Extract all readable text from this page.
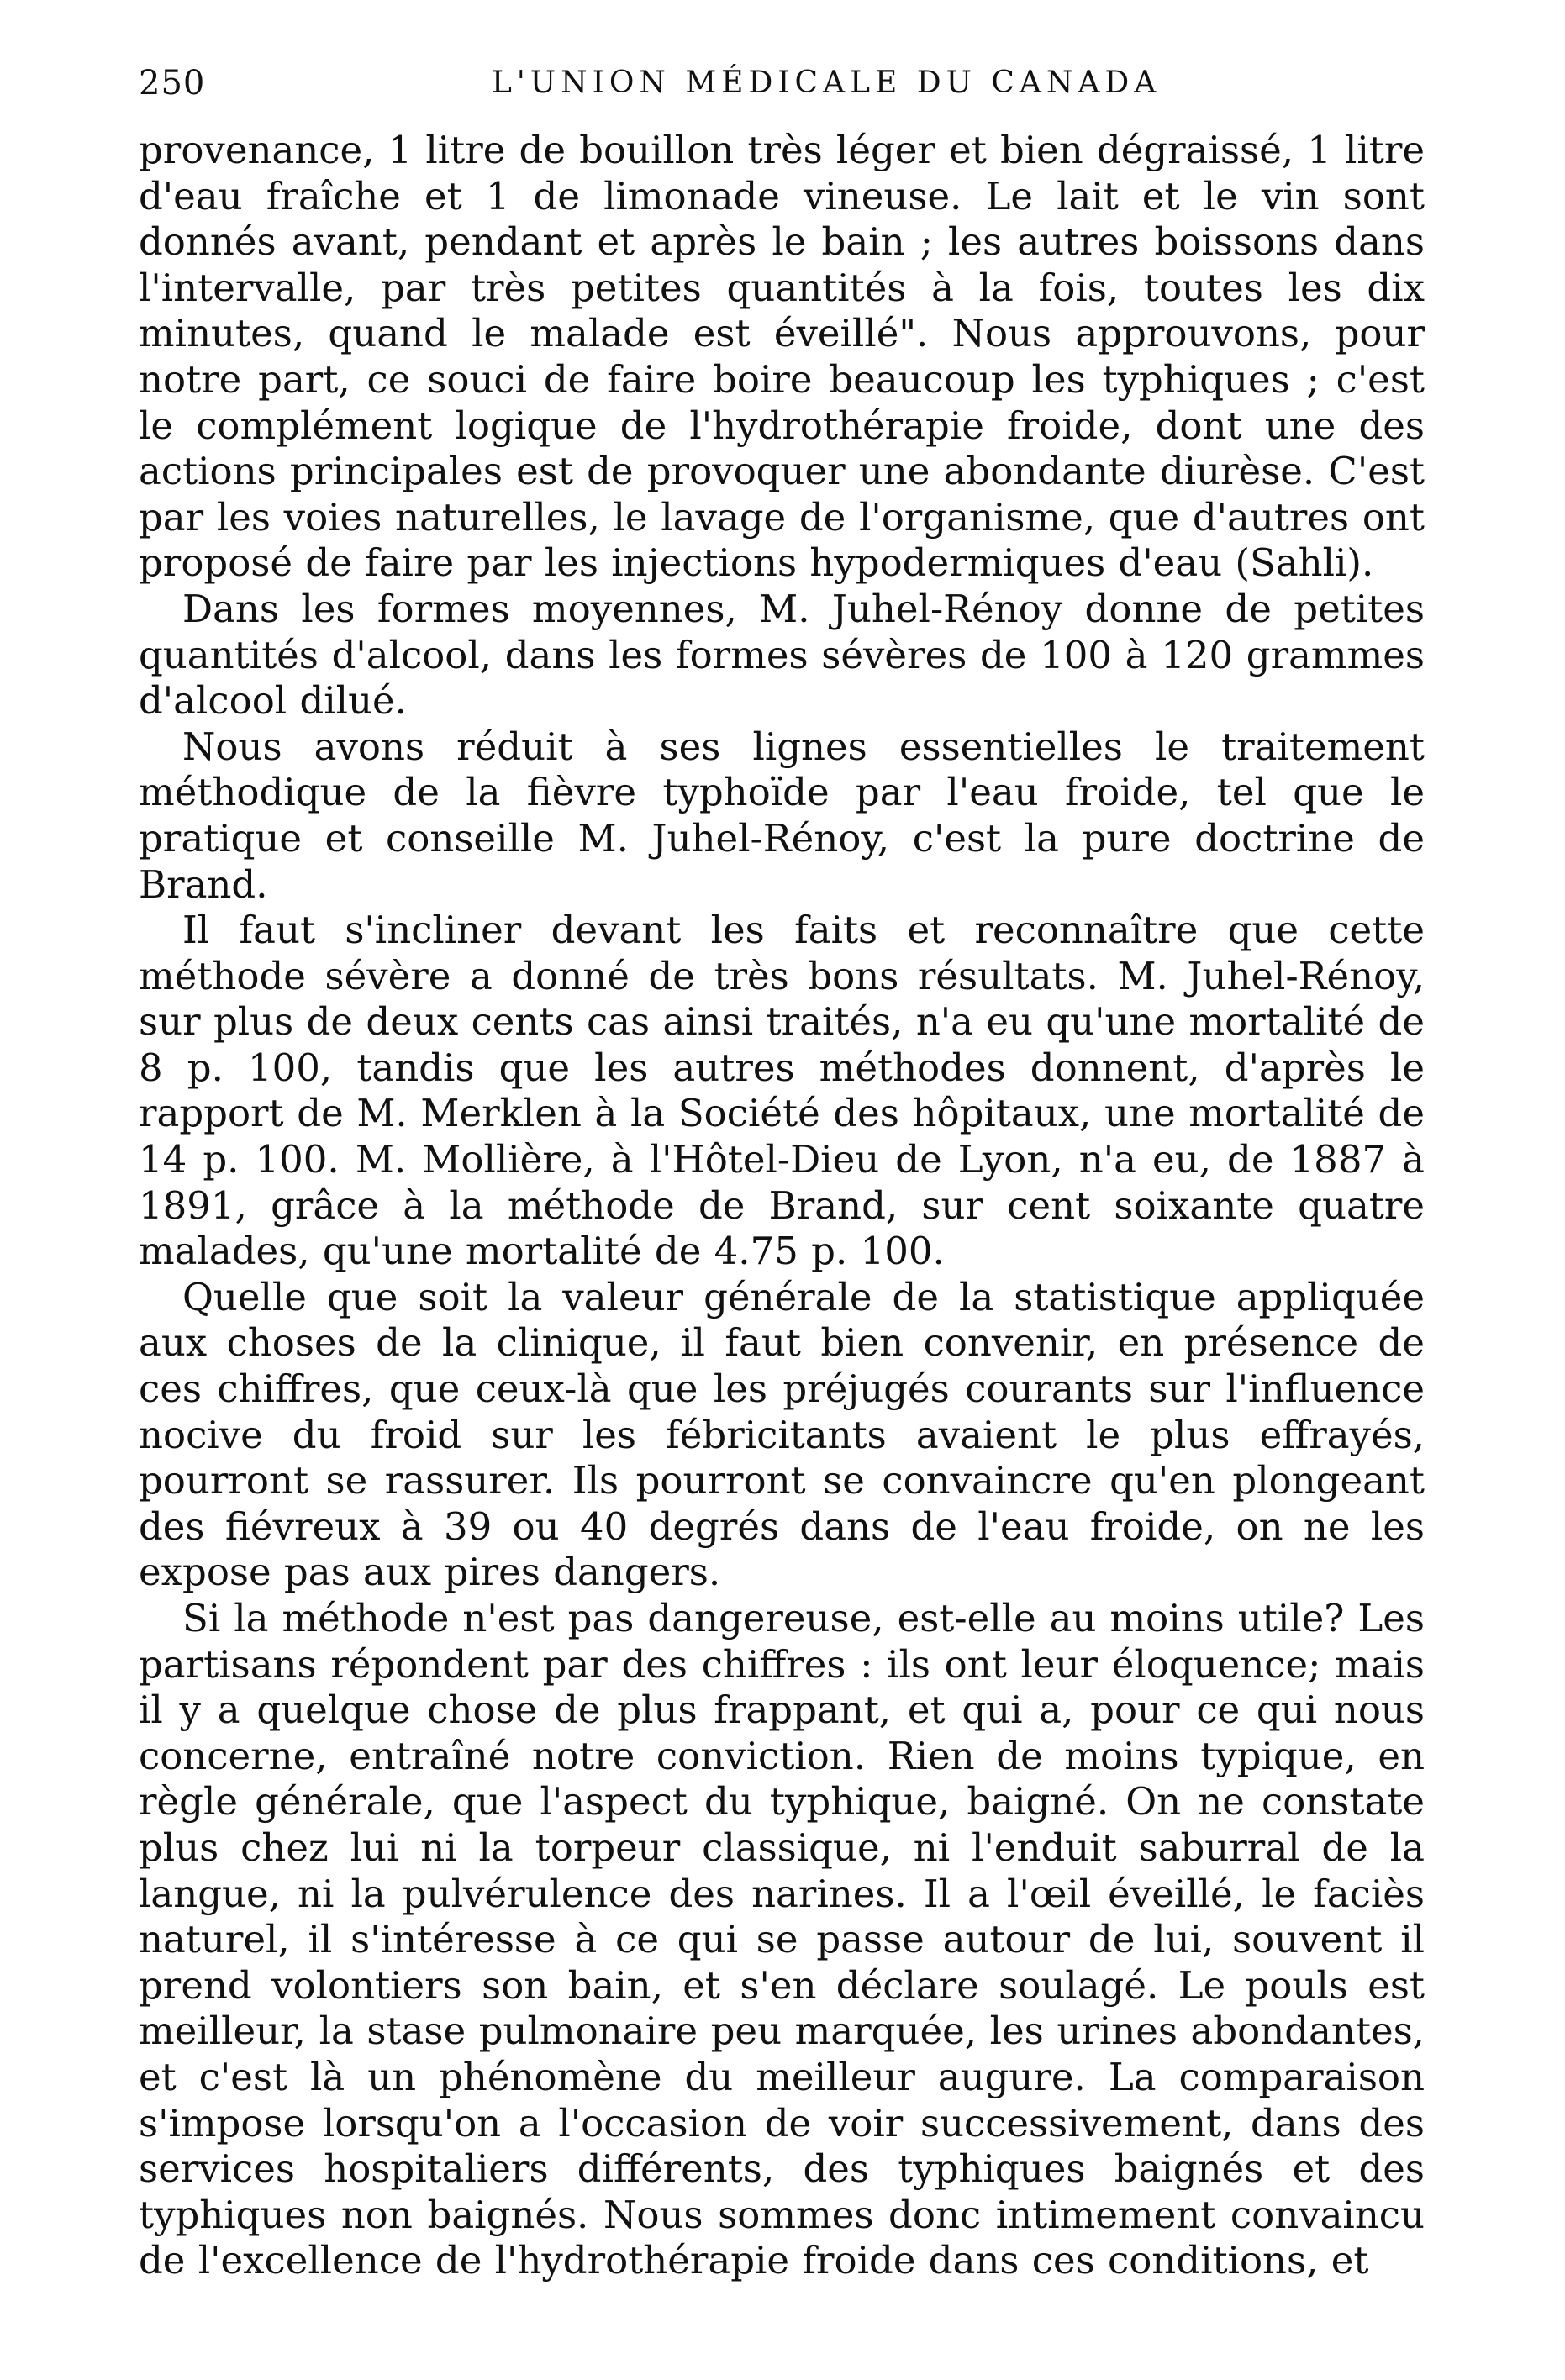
250	L'UNION MÉDICALE DU CANADA

provenance, 1 litre de bouillon très léger et bien dégraissé, 1 litre d'eau fraîche et 1 de limonade vineuse. Le lait et le vin sont donnés avant, pendant et après le bain ; les autres boissons dans l'intervalle, par très petites quantités à la fois, toutes les dix minutes, quand le malade est éveillé". Nous approuvons, pour notre part, ce souci de faire boire beaucoup les typhiques ; c'est le complément logique de l'hydrothérapie froide, dont une des actions principales est de provoquer une abondante diurèse. C'est par les voies naturelles, le lavage de l'organisme, que d'autres ont proposé de faire par les injections hypodermiques d'eau (Sahli).

Dans les formes moyennes, M. Juhel-Rénoy donne de petites quantités d'alcool, dans les formes sévères de 100 à 120 grammes d'alcool dilué.

Nous avons réduit à ses lignes essentielles le traitement méthodique de la fièvre typhoïde par l'eau froide, tel que le pratique et conseille M. Juhel-Rénoy, c'est la pure doctrine de Brand.

Il faut s'incliner devant les faits et reconnaître que cette méthode sévère a donné de très bons résultats. M. Juhel-Rénoy, sur plus de deux cents cas ainsi traités, n'a eu qu'une mortalité de 8 p. 100, tandis que les autres méthodes donnent, d'après le rapport de M. Merklen à la Société des hôpitaux, une mortalité de 14 p. 100. M. Mollière, à l'Hôtel-Dieu de Lyon, n'a eu, de 1887 à 1891, grâce à la méthode de Brand, sur cent soixante quatre malades, qu'une mortalité de 4.75 p. 100.

Quelle que soit la valeur générale de la statistique appliquée aux choses de la clinique, il faut bien convenir, en présence de ces chiffres, que ceux-là que les préjugés courants sur l'influence nocive du froid sur les fébricitants avaient le plus effrayés, pourront se rassurer. Ils pourront se convaincre qu'en plongeant des fiévreux à 39 ou 40 degrés dans de l'eau froide, on ne les expose pas aux pires dangers.

Si la méthode n'est pas dangereuse, est-elle au moins utile? Les partisans répondent par des chiffres : ils ont leur éloquence; mais il y a quelque chose de plus frappant, et qui a, pour ce qui nous concerne, entraîné notre conviction. Rien de moins typique, en règle générale, que l'aspect du typhique, baigné. On ne constate plus chez lui ni la torpeur classique, ni l'enduit saburral de la langue, ni la pulvérulence des narines. Il a l'œil éveillé, le faciès naturel, il s'intéresse à ce qui se passe autour de lui, souvent il prend volontiers son bain, et s'en déclare soulagé. Le pouls est meilleur, la stase pulmonaire peu marquée, les urines abondantes, et c'est là un phénomène du meilleur augure. La comparaison s'impose lorsqu'on a l'occasion de voir successivement, dans des services hospitaliers différents, des typhiques baignés et des typhiques non baignés. Nous sommes donc intimement convaincu de l'excellence de l'hydrothérapie froide dans ces conditions, et
